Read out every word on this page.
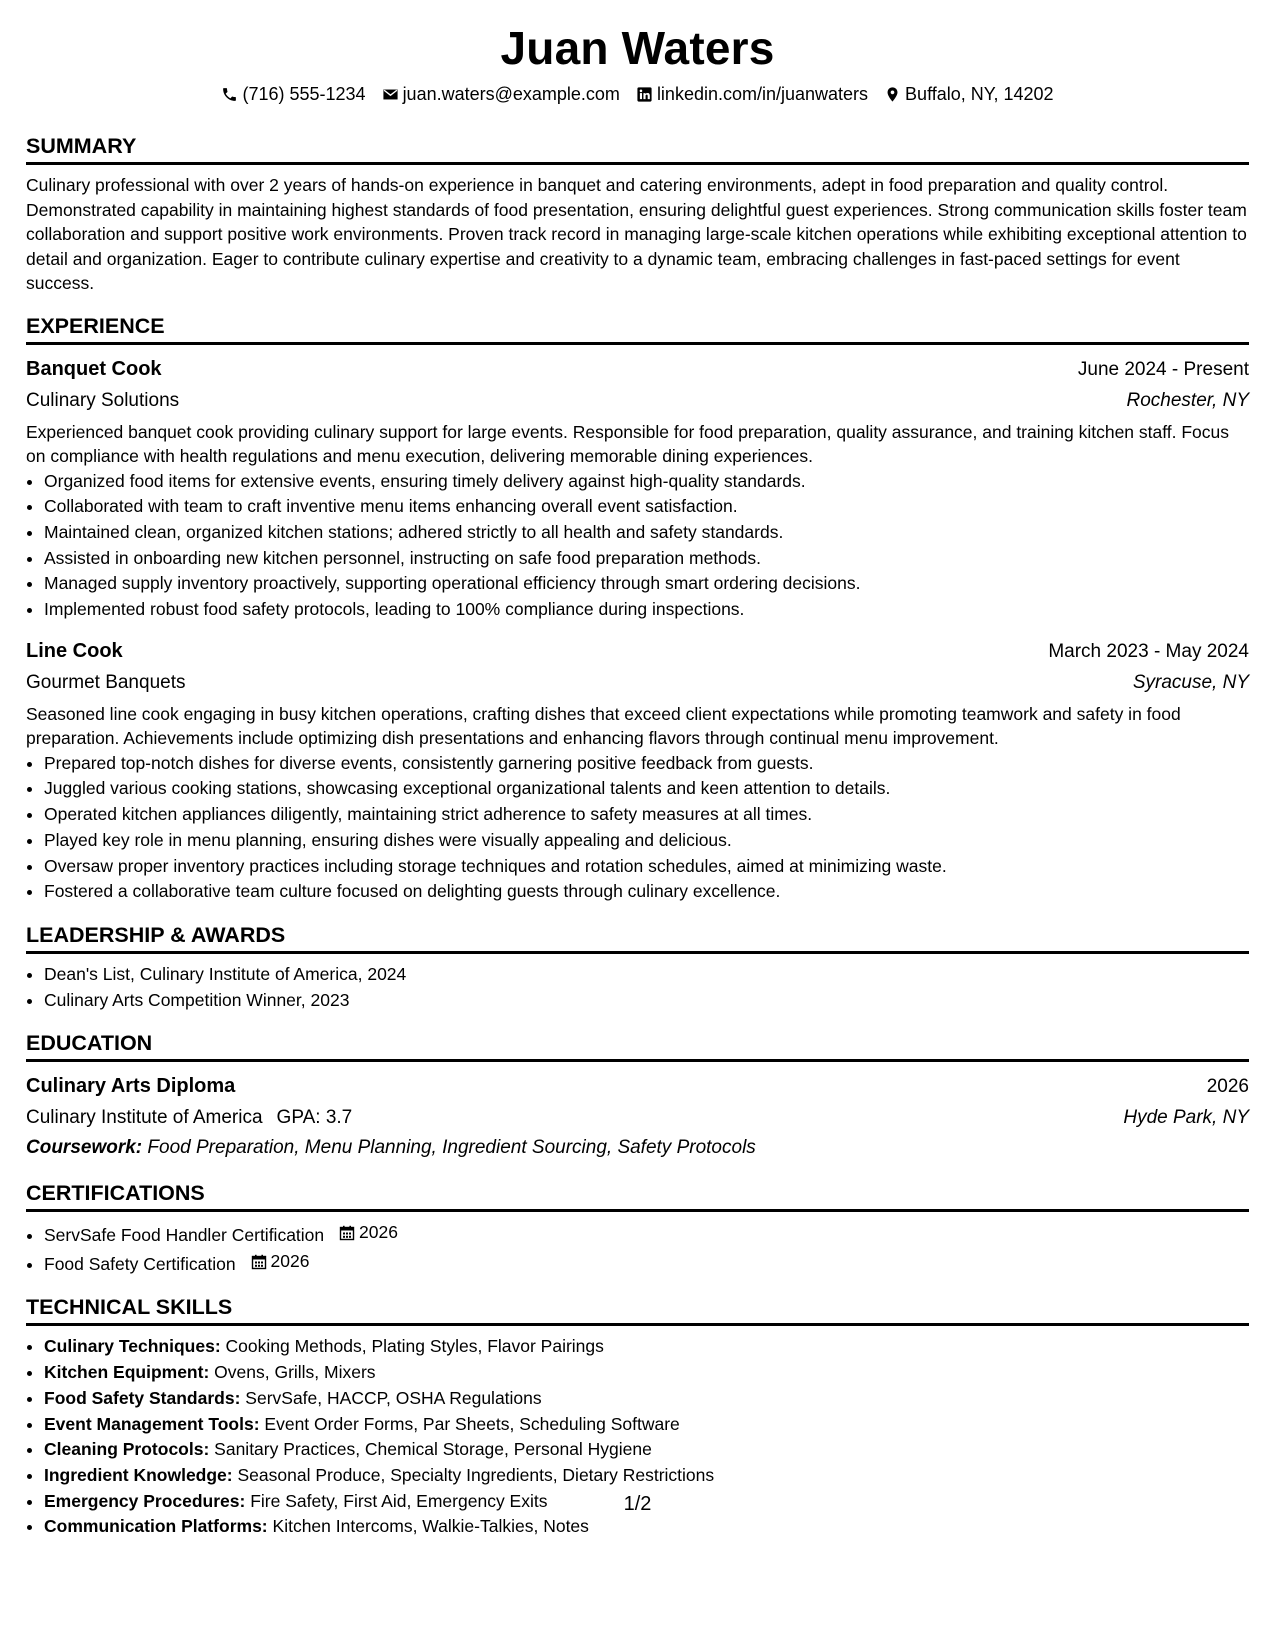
Juan Waters
(716) 555-1234 juan.waters@example.com linkedin.com/in/juanwaters Buffalo, NY, 14202
SUMMARY

Culinary professional with over 2 years of hands-on experience in banquet and catering environments, adept in food preparation and quality control. Demonstrated capability in maintaining highest standards of food presentation, ensuring delightful guest experiences. Strong communication skills foster team collaboration and support positive work environments. Proven track record in managing large-scale kitchen operations while exhibiting exceptional attention to detail and organization. Eager to contribute culinary expertise and creativity to a dynamic team, embracing challenges in fast-paced settings for event success.

EXPERIENCE
Banquet Cook	June 2024 - Present
Culinary Solutions	Rochester, NY

Experienced banquet cook providing culinary support for large events. Responsible for food preparation, quality assurance, and training kitchen staff. Focus on compliance with health regulations and menu execution, delivering memorable dining experiences.

• Organized food items for extensive events, ensuring timely delivery against high-quality standards.
• Collaborated with team to craft inventive menu items enhancing overall event satisfaction.
• Maintained clean, organized kitchen stations; adhered strictly to all health and safety standards.
• Assisted in onboarding new kitchen personnel, instructing on safe food preparation methods.
• Managed supply inventory proactively, supporting operational efficiency through smart ordering decisions.
• Implemented robust food safety protocols, leading to 100% compliance during inspections.
Line Cook	March 2023 - May 2024
Gourmet Banquets	Syracuse, NY

Seasoned line cook engaging in busy kitchen operations, crafting dishes that exceed client expectations while promoting teamwork and safety in food preparation. Achievements include optimizing dish presentations and enhancing flavors through continual menu improvement.

• Prepared top-notch dishes for diverse events, consistently garnering positive feedback from guests.
• Juggled various cooking stations, showcasing exceptional organizational talents and keen attention to details.
• Operated kitchen appliances diligently, maintaining strict adherence to safety measures at all times.
• Played key role in menu planning, ensuring dishes were visually appealing and delicious.
• Oversaw proper inventory practices including storage techniques and rotation schedules, aimed at minimizing waste.
• Fostered a collaborative team culture focused on delighting guests through culinary excellence.
LEADERSHIP & AWARDS
• Dean's List, Culinary Institute of America, 2024
• Culinary Arts Competition Winner, 2023
EDUCATION
Culinary Arts Diploma	2026
Culinary Institute of America GPA: 3.7	Hyde Park, NY
Coursework: Food Preparation, Menu Planning, Ingredient Sourcing, Safety Protocols
CERTIFICATIONS
• ServSafe Food Handler Certification 2026
• Food Safety Certification 2026
TECHNICAL SKILLS
• Culinary Techniques: Cooking Methods, Plating Styles, Flavor Pairings
• Kitchen Equipment: Ovens, Grills, Mixers
• Food Safety Standards: ServSafe, HACCP, OSHA Regulations
• Event Management Tools: Event Order Forms, Par Sheets, Scheduling Software
• Cleaning Protocols: Sanitary Practices, Chemical Storage, Personal Hygiene
• Ingredient Knowledge: Seasonal Produce, Specialty Ingredients, Dietary Restrictions
• Emergency Procedures: Fire Safety, First Aid, Emergency Exits
• Communication Platforms: Kitchen Intercoms, Walkie-Talkies, Notes
1/2
